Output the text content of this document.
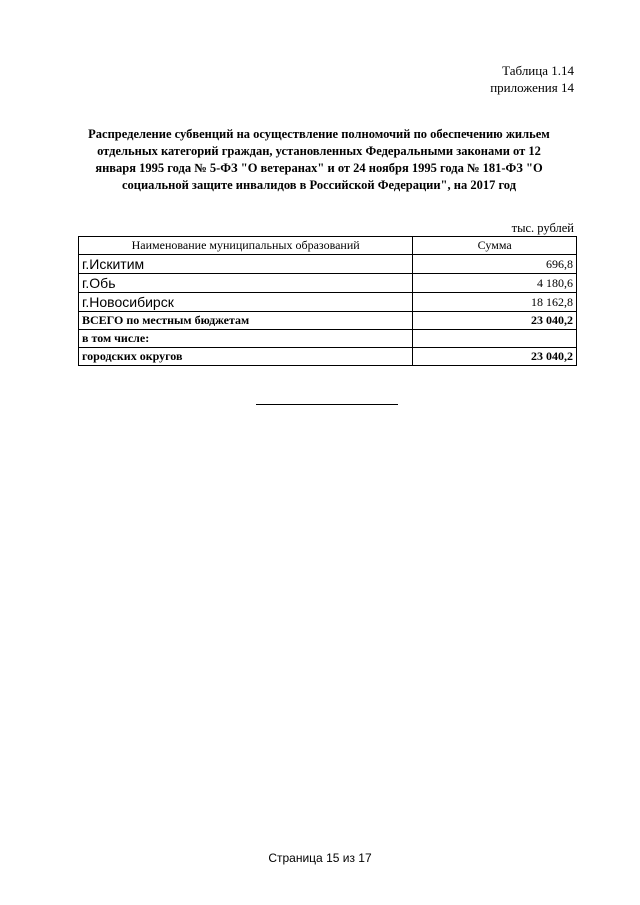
Таблица 1.14
приложения 14
Распределение субвенций на осуществление полномочий по обеспечению жильем отдельных категорий граждан, установленных Федеральными законами от 12 января 1995 года № 5-ФЗ "О ветеранах" и от 24 ноября 1995 года № 181-ФЗ "О социальной защите инвалидов в Российской Федерации", на 2017 год
тыс. рублей
Наименование муниципальных образований	Сумма
г.Искитим	696,8
г.Обь	4 180,6
г.Новосибирск	18 162,8
ВСЕГО по местным бюджетам	23 040,2
в том числе:	
городских округов	23 040,2
Страница 15 из 17
